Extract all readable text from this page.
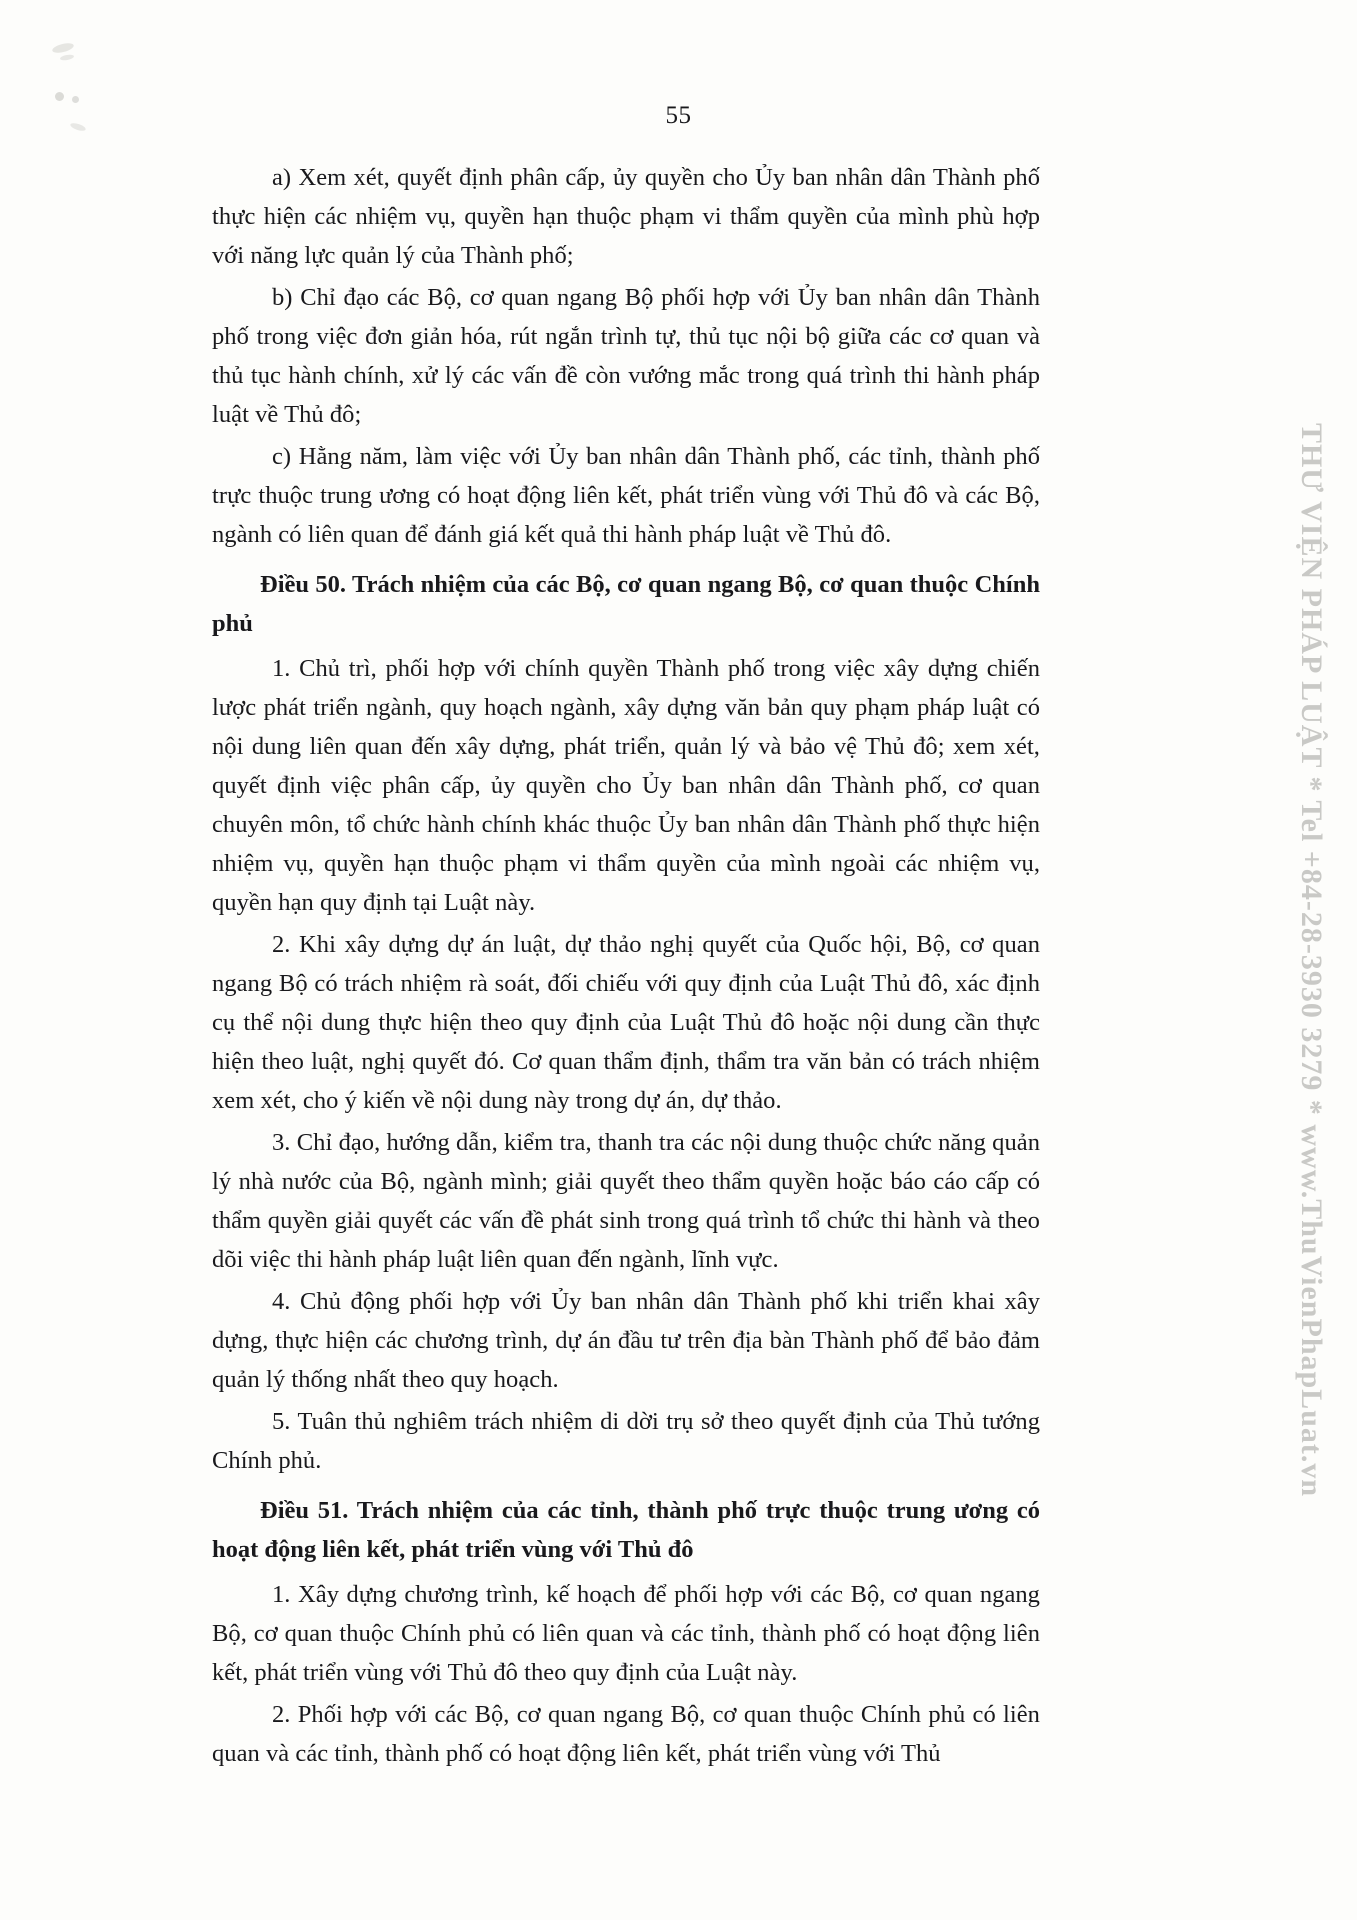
55

a) Xem xét, quyết định phân cấp, ủy quyền cho Ủy ban nhân dân Thành phố thực hiện các nhiệm vụ, quyền hạn thuộc phạm vi thẩm quyền của mình phù hợp với năng lực quản lý của Thành phố;

b) Chỉ đạo các Bộ, cơ quan ngang Bộ phối hợp với Ủy ban nhân dân Thành phố trong việc đơn giản hóa, rút ngắn trình tự, thủ tục nội bộ giữa các cơ quan và thủ tục hành chính, xử lý các vấn đề còn vướng mắc trong quá trình thi hành pháp luật về Thủ đô;

c) Hằng năm, làm việc với Ủy ban nhân dân Thành phố, các tỉnh, thành phố trực thuộc trung ương có hoạt động liên kết, phát triển vùng với Thủ đô và các Bộ, ngành có liên quan để đánh giá kết quả thi hành pháp luật về Thủ đô.

Điều 50. Trách nhiệm của các Bộ, cơ quan ngang Bộ, cơ quan thuộc Chính phủ

1. Chủ trì, phối hợp với chính quyền Thành phố trong việc xây dựng chiến lược phát triển ngành, quy hoạch ngành, xây dựng văn bản quy phạm pháp luật có nội dung liên quan đến xây dựng, phát triển, quản lý và bảo vệ Thủ đô; xem xét, quyết định việc phân cấp, ủy quyền cho Ủy ban nhân dân Thành phố, cơ quan chuyên môn, tổ chức hành chính khác thuộc Ủy ban nhân dân Thành phố thực hiện nhiệm vụ, quyền hạn thuộc phạm vi thẩm quyền của mình ngoài các nhiệm vụ, quyền hạn quy định tại Luật này.

2. Khi xây dựng dự án luật, dự thảo nghị quyết của Quốc hội, Bộ, cơ quan ngang Bộ có trách nhiệm rà soát, đối chiếu với quy định của Luật Thủ đô, xác định cụ thể nội dung thực hiện theo quy định của Luật Thủ đô hoặc nội dung cần thực hiện theo luật, nghị quyết đó. Cơ quan thẩm định, thẩm tra văn bản có trách nhiệm xem xét, cho ý kiến về nội dung này trong dự án, dự thảo.

3. Chỉ đạo, hướng dẫn, kiểm tra, thanh tra các nội dung thuộc chức năng quản lý nhà nước của Bộ, ngành mình; giải quyết theo thẩm quyền hoặc báo cáo cấp có thẩm quyền giải quyết các vấn đề phát sinh trong quá trình tổ chức thi hành và theo dõi việc thi hành pháp luật liên quan đến ngành, lĩnh vực.

4. Chủ động phối hợp với Ủy ban nhân dân Thành phố khi triển khai xây dựng, thực hiện các chương trình, dự án đầu tư trên địa bàn Thành phố để bảo đảm quản lý thống nhất theo quy hoạch.

5. Tuân thủ nghiêm trách nhiệm di dời trụ sở theo quyết định của Thủ tướng Chính phủ.

Điều 51. Trách nhiệm của các tỉnh, thành phố trực thuộc trung ương có hoạt động liên kết, phát triển vùng với Thủ đô

1. Xây dựng chương trình, kế hoạch để phối hợp với các Bộ, cơ quan ngang Bộ, cơ quan thuộc Chính phủ có liên quan và các tỉnh, thành phố có hoạt động liên kết, phát triển vùng với Thủ đô theo quy định của Luật này.

2. Phối hợp với các Bộ, cơ quan ngang Bộ, cơ quan thuộc Chính phủ có liên quan và các tỉnh, thành phố có hoạt động liên kết, phát triển vùng với Thủ

THƯ VIỆN PHÁP LUẬT * Tel +84-28-3930 3279 * www.ThuVienPhapLuat.vn
